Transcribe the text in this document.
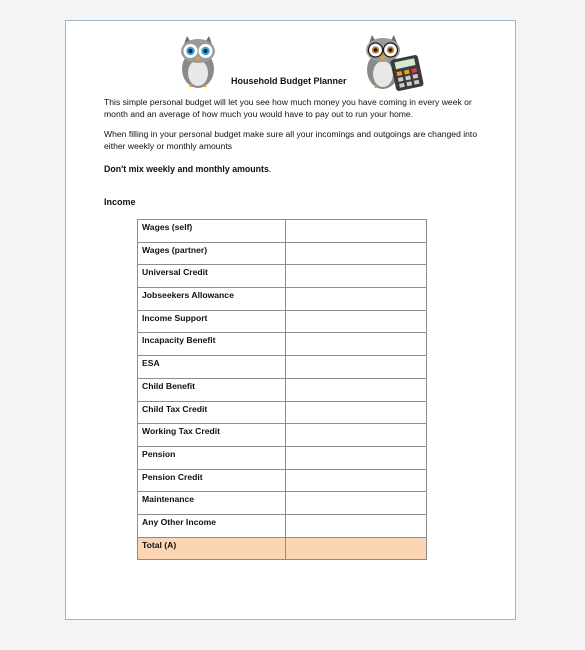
Household Budget Planner

This simple personal budget will let you see how much money you have coming in every week or month and an average of how much you would have to pay out to run your home.

When filling in your personal budget make sure all your incomings and outgoings are changed into either weekly or monthly amounts

Don't mix weekly and monthly amounts.
Income
Wages (self)	
Wages (partner)	
Universal Credit	
Jobseekers Allowance	
Income Support	
Incapacity Benefit	
ESA	
Child Benefit	
Child Tax Credit	
Working Tax Credit	
Pension	
Pension Credit	
Maintenance	
Any Other Income	
Total (A)	
